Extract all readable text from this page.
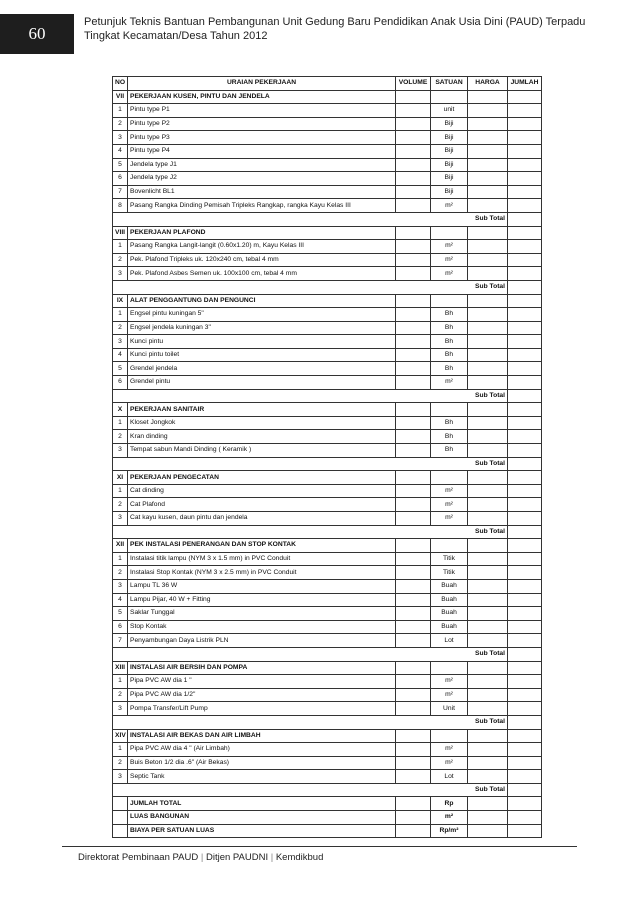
60
Petunjuk Teknis Bantuan Pembangunan Unit Gedung Baru Pendidikan Anak Usia Dini (PAUD) Terpadu
Tingkat Kecamatan/Desa Tahun 2012
NO	URAIAN PEKERJAAN	VOLUME	SATUAN	HARGA	JUMLAH
VII	PEKERJAAN KUSEN, PINTU DAN JENDELA				
1	Pintu type P1		unit		
2	Pintu type P2		Biji		
3	Pintu type P3		Biji		
4	Pintu type P4		Biji		
5	Jendela type J1		Biji		
6	Jendela type J2		Biji		
7	Bovenlicht BL1		Biji		
8	Pasang Rangka Dinding Pemisah Tripleks Rangkap, rangka Kayu Kelas III		m²		
				Sub Total	
VIII	PEKERJAAN PLAFOND				
1	Pasang Rangka Langit-langit (0.60x1.20) m, Kayu Kelas III		m²		
2	Pek. Plafond Tripleks uk. 120x240 cm, tebal 4 mm		m²		
3	Pek. Plafond Asbes Semen uk. 100x100 cm, tebal 4 mm		m²		
				Sub Total	
IX	ALAT PENGGANTUNG DAN PENGUNCI				
1	Engsel pintu kuningan 5"		Bh		
2	Engsel jendela kuningan 3"		Bh		
3	Kunci pintu		Bh		
4	Kunci pintu toilet		Bh		
5	Grendel jendela		Bh		
6	Grendel pintu		m²		
				Sub Total	
X	PEKERJAAN SANITAIR				
1	Kloset Jongkok		Bh		
2	Kran dinding		Bh		
3	Tempat sabun Mandi Dinding ( Keramik )		Bh		
				Sub Total	
XI	PEKERJAAN PENGECATAN				
1	Cat dinding		m²		
2	Cat Plafond		m²		
3	Cat kayu kusen, daun pintu dan jendela		m²		
				Sub Total	
XII	PEK INSTALASI PENERANGAN DAN STOP KONTAK				
1	Instalasi titik lampu (NYM 3 x 1.5 mm) in PVC Conduit		Titik		
2	Instalasi Stop Kontak (NYM 3 x 2.5 mm) in PVC Conduit		Titik		
3	Lampu TL 36 W		Buah		
4	Lampu Pijar, 40 W + Fitting		Buah		
5	Saklar Tunggal		Buah		
6	Stop Kontak		Buah		
7	Penyambungan Daya Listrik PLN		Lot		
				Sub Total	
XIII	INSTALASI AIR BERSIH DAN POMPA				
1	Pipa PVC AW dia 1 "		m²		
2	Pipa PVC AW dia 1/2"		m²		
3	Pompa Transfer/Lift Pump		Unit		
				Sub Total	
XIV	INSTALASI AIR BEKAS DAN AIR LIMBAH				
1	Pipa PVC AW dia 4 " (Air Limbah)		m²		
2	Buis Beton 1/2 dia .6" (Air Bekas)		m²		
3	Septic Tank		Lot		
				Sub Total	
	JUMLAH TOTAL		Rp		
	LUAS BANGUNAN		m²		
	BIAYA PER SATUAN LUAS		Rp/m²		
Direktorat Pembinaan PAUD | Ditjen PAUDNI | Kemdikbud
